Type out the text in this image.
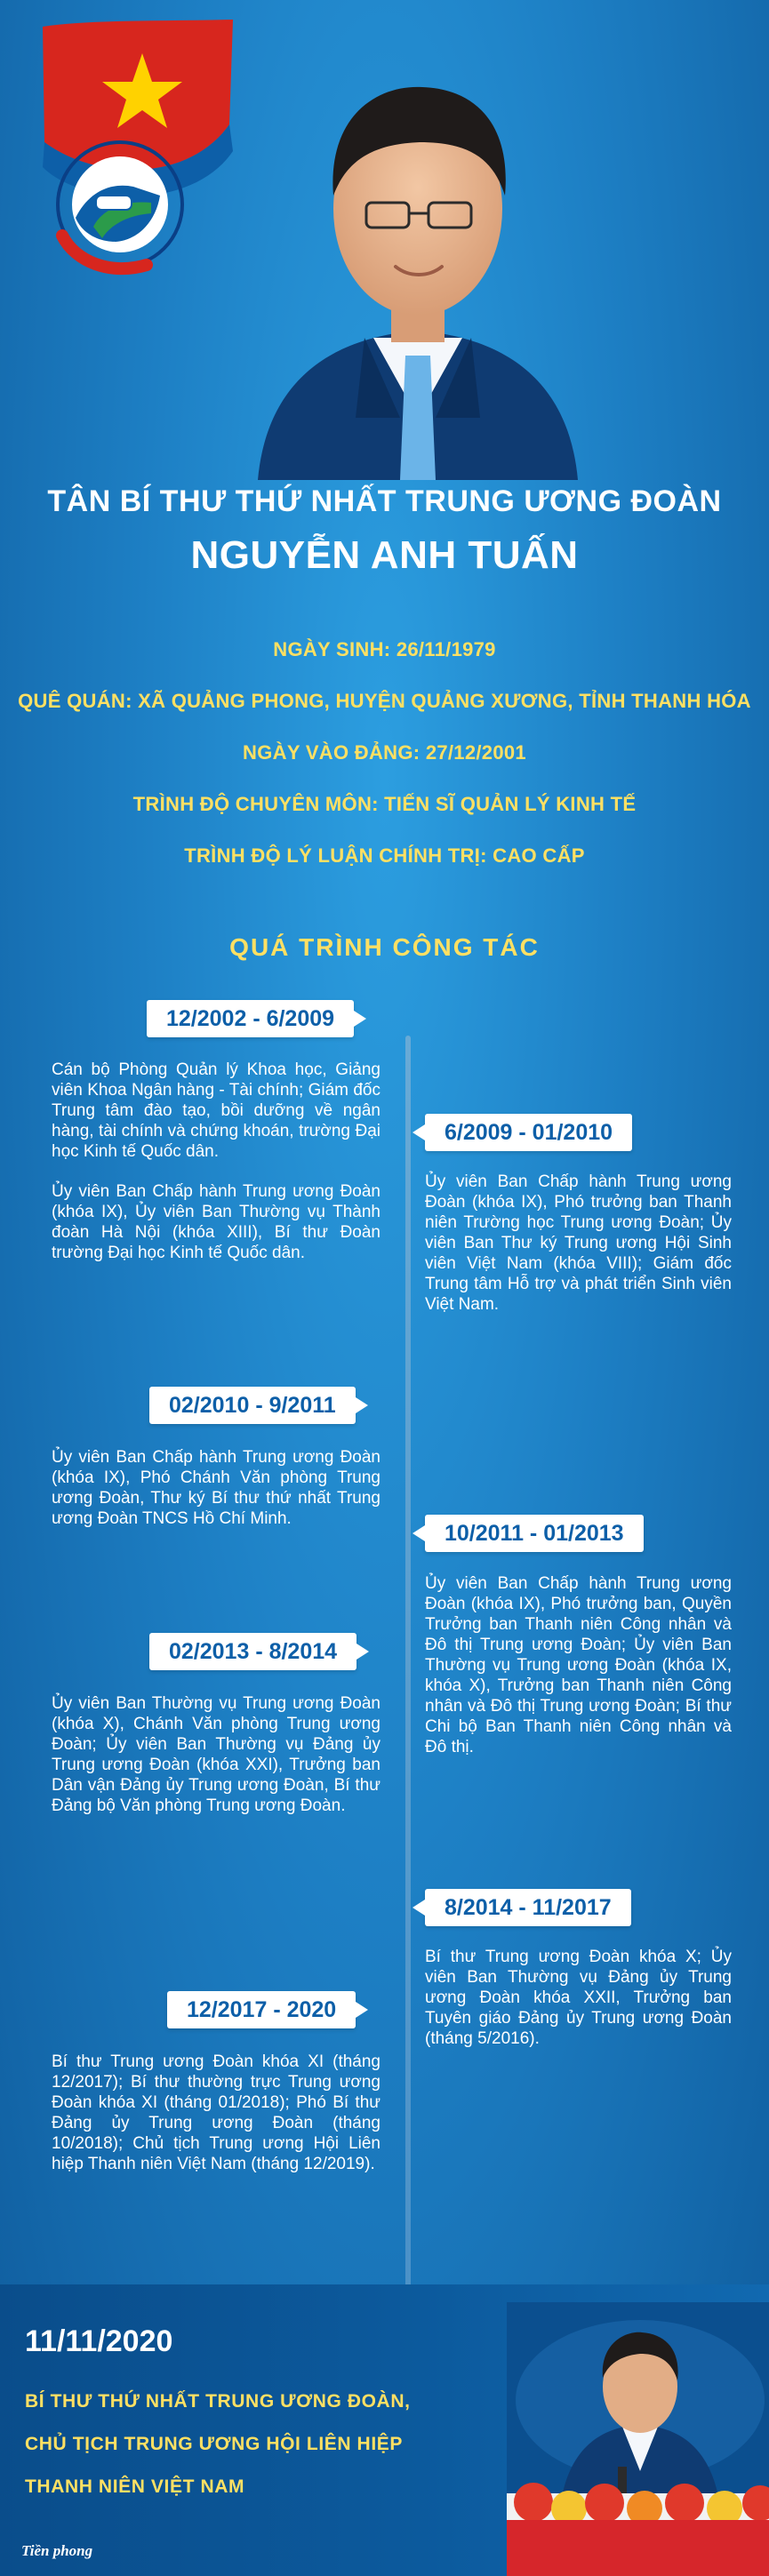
TÂN BÍ THƯ THỨ NHẤT TRUNG ƯƠNG ĐOÀN
NGUYỄN ANH TUẤN
NGÀY SINH: 26/11/1979
QUÊ QUÁN: XÃ QUẢNG PHONG, HUYỆN QUẢNG XƯƠNG, TỈNH THANH HÓA
NGÀY VÀO ĐẢNG: 27/12/2001
TRÌNH ĐỘ CHUYÊN MÔN: TIẾN SĨ QUẢN LÝ KINH TẾ
TRÌNH ĐỘ LÝ LUẬN CHÍNH TRỊ: CAO CẤP
QUÁ TRÌNH CÔNG TÁC
12/2002 - 6/2009

Cán bộ Phòng Quản lý Khoa học, Giảng viên Khoa Ngân hàng - Tài chính; Giám đốc Trung tâm đào tạo, bồi dưỡng về ngân hàng, tài chính và chứng khoán, trường Đại học Kinh tế Quốc dân.

Ủy viên Ban Chấp hành Trung ương Đoàn (khóa IX), Ủy viên Ban Thường vụ Thành đoàn Hà Nội (khóa XIII), Bí thư Đoàn trường Đại học Kinh tế Quốc dân.

6/2009 - 01/2010

Ủy viên Ban Chấp hành Trung ương Đoàn (khóa IX), Phó trưởng ban Thanh niên Trường học Trung ương Đoàn; Ủy viên Ban Thư ký Trung ương Hội Sinh viên Việt Nam (khóa VIII); Giám đốc Trung tâm Hỗ trợ và phát triển Sinh viên Việt Nam.

02/2010 - 9/2011

Ủy viên Ban Chấp hành Trung ương Đoàn (khóa IX), Phó Chánh Văn phòng Trung ương Đoàn, Thư ký Bí thư thứ nhất Trung ương Đoàn TNCS Hồ Chí Minh.

10/2011 - 01/2013

Ủy viên Ban Chấp hành Trung ương Đoàn (khóa IX), Phó trưởng ban, Quyền Trưởng ban Thanh niên Công nhân và Đô thị Trung ương Đoàn; Ủy viên Ban Thường vụ Trung ương Đoàn (khóa IX, khóa X), Trưởng ban Thanh niên Công nhân và Đô thị Trung ương Đoàn; Bí thư Chi bộ Ban Thanh niên Công nhân và Đô thị.

02/2013 - 8/2014

Ủy viên Ban Thường vụ Trung ương Đoàn (khóa X), Chánh Văn phòng Trung ương Đoàn; Ủy viên Ban Thường vụ Đảng ủy Trung ương Đoàn (khóa XXI), Trưởng ban Dân vận Đảng ủy Trung ương Đoàn, Bí thư Đảng bộ Văn phòng Trung ương Đoàn.

8/2014 - 11/2017

Bí thư Trung ương Đoàn khóa X; Ủy viên Ban Thường vụ Đảng ủy Trung ương Đoàn khóa XXII, Trưởng ban Tuyên giáo Đảng ủy Trung ương Đoàn (tháng 5/2016).

12/2017 - 2020

Bí thư Trung ương Đoàn khóa XI (tháng 12/2017); Bí thư thường trực Trung ương Đoàn khóa XI (tháng 01/2018); Phó Bí thư Đảng ủy Trung ương Đoàn (tháng 10/2018); Chủ tịch Trung ương Hội Liên hiệp Thanh niên Việt Nam (tháng 12/2019).

11/11/2020
BÍ THƯ THỨ NHẤT TRUNG ƯƠNG ĐOÀN,
CHỦ TỊCH TRUNG ƯƠNG HỘI LIÊN HIỆP
THANH NIÊN VIỆT NAM
Tiền phong
